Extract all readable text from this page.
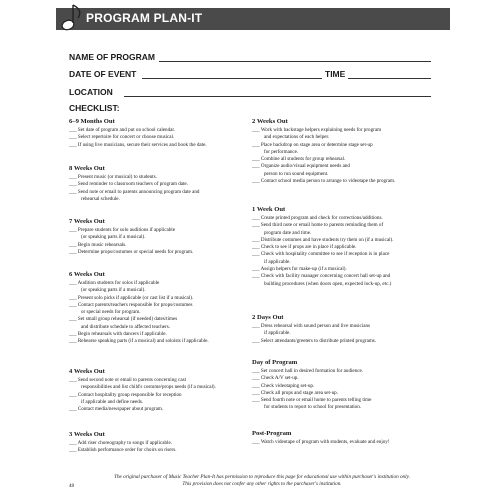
PROGRAM PLAN-IT
NAME OF PROGRAM
DATE OF EVENT	TIME
LOCATION
CHECKLIST:
6–9 Months Out
___ Set date of program and put on school calendar.
___ Select repertoire for concert or choose musical.
___ If using live musicians, secure their services and book the date.
8 Weeks Out
___ Present music (or musical) to students.
___ Send reminder to classroom teachers of program date.
___ Send note or email to parents announcing program date and
rehearsal schedule.
7 Weeks Out
___ Prepare students for solo auditions if applicable
(or speaking parts if a musical).
___ Begin music rehearsals.
___ Determine props/costumes or special needs for program.
6 Weeks Out
___ Audition students for solos if applicable
(or speaking parts if a musical).
___ Present solo picks if applicable (or cast list if a musical).
___ Contact parents/teachers responsible for props/costumes
or special needs for program.
___ Set small group rehearsal (if needed) dates/times
and distribute schedule to affected teachers.
___ Begin rehearsals with dancers if applicable.
___ Rehearse speaking parts (if a musical) and soloists if applicable.
4 Weeks Out
___ Send second note or email to parents concerning cast
responsibilities and list child's costume/props needs (if a musical).
___ Contact hospitality group responsible for reception
if applicable and define needs.
___ Contact media/newspaper about program.
3 Weeks Out
___ Add riser choreography to songs if applicable.
___ Establish performance order for choirs on risers.
2 Weeks Out
___ Work with backstage helpers explaining needs for program
and expectations of each helper.
___ Place backdrop on stage area or determine stage set-up
for performance.
___ Combine all students for group rehearsal.
___ Organize audio/visual equipment needs and
person to run sound equipment.
___ Contact school media person to arrange to videotape the program.
1 Week Out
___ Create printed program and check for corrections/additions.
___ Send third note or email home to parents reminding them of
program date and time.
___ Distribute costumes and have students try them on (if a musical).
___ Check to see if props are in place if applicable.
___ Check with hospitality committee to see if reception is in place
if applicable.
___ Assign helpers for make-up (if a musical).
___ Check with facility manager concerning concert hall set-up and
building procedures (when doors open, expected lock-up, etc.)
2 Days Out
___ Dress rehearsal with sound person and live musicians
if applicable.
___ Select attendants/greeters to distribute printed programs.
Day of Program
___ Set concert hall in desired formation for audience.
___ Check A/V set-up.
___ Check videotaping set-up.
___ Check all props and stage area set-up.
___ Send fourth note or email home to parents telling time
for students to report to school for presentation.
Post-Program
___ Watch videotape of program with students, evaluate and enjoy!
The original purchaser of Music Teacher Plan-It has permission to reproduce this page for educational use within purchaser's institution only.
This provision does not confer any other rights to the purchaser's institution.
48
